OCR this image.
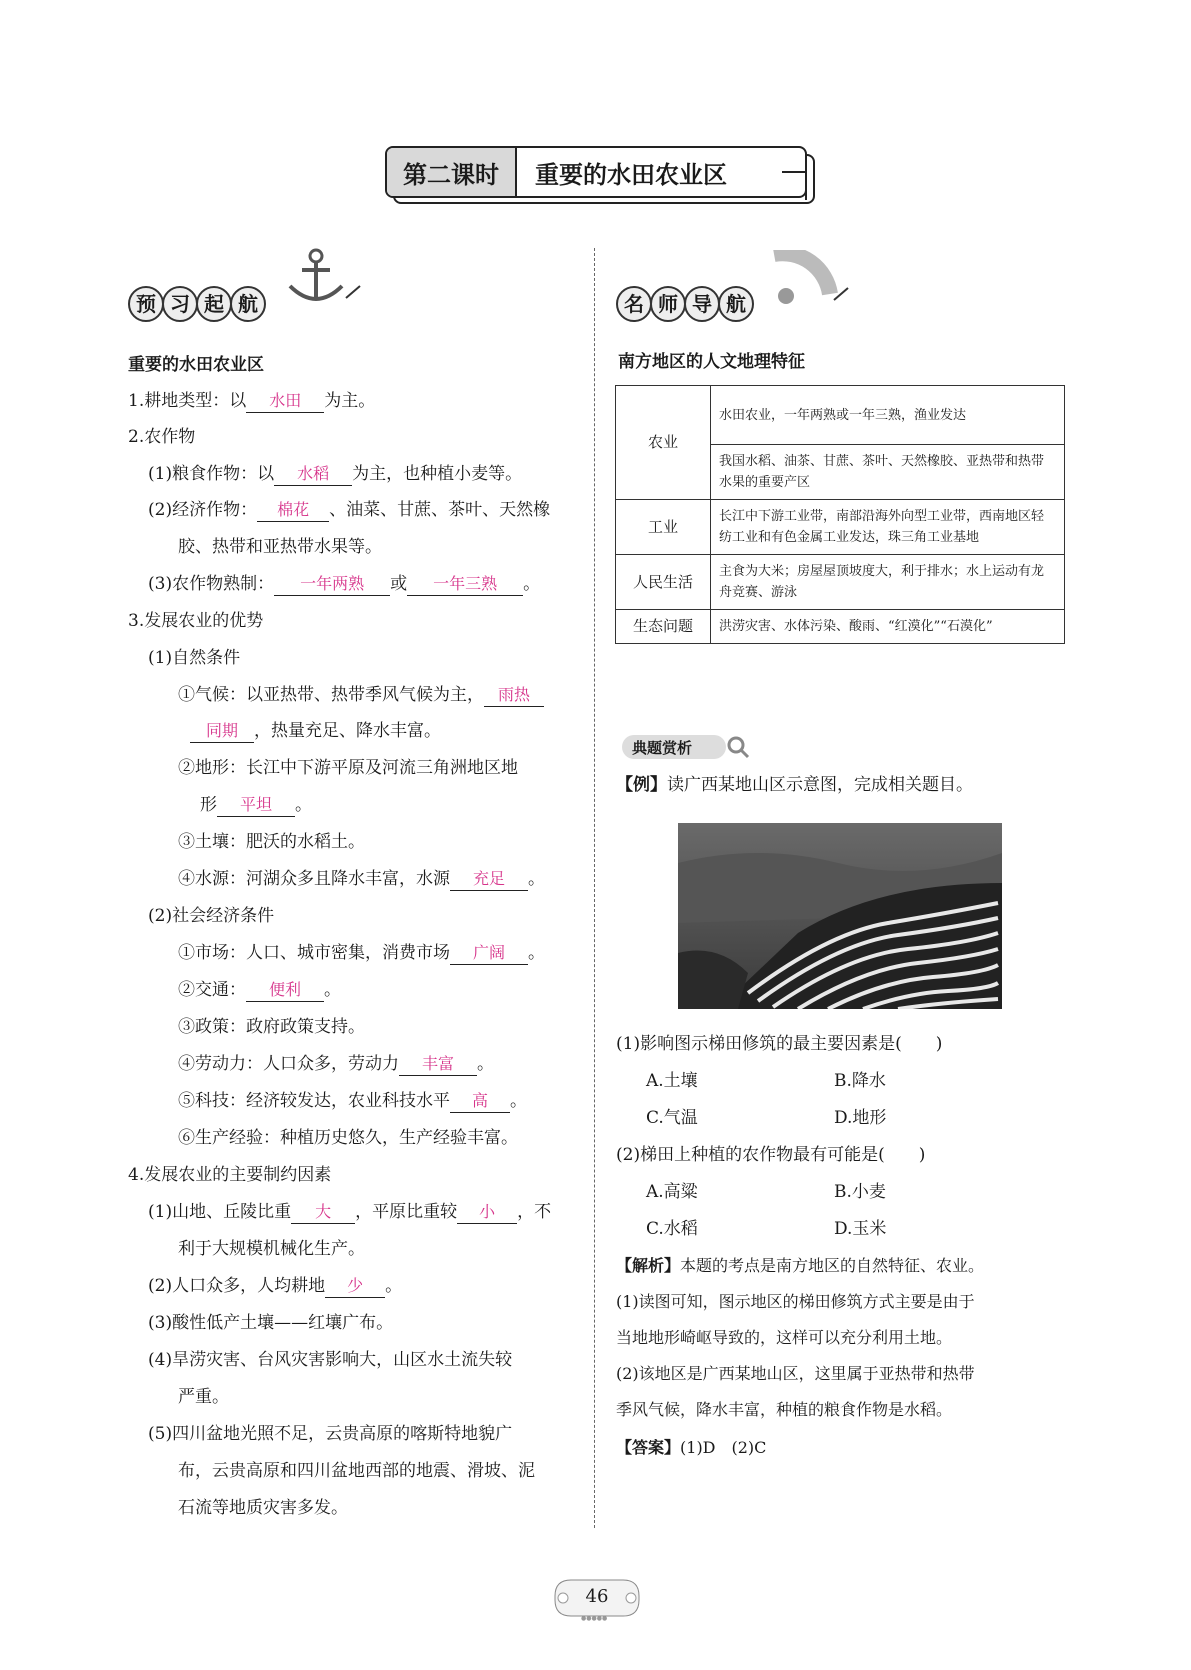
第二课时	重要的水田农业区
预 习 起 航	名 师 导 航
重要的水田农业区
1.耕地类型：以 水田 为主。
2.农作物
(1)粮食作物：以 水稻 为主，也种植小麦等。
(2)经济作物： 棉花 、油菜、甘蔗、茶叶、天然橡
胶、热带和亚热带水果等。
(3)农作物熟制： 一年两熟 或 一年三熟 。
3.发展农业的优势
(1)自然条件
①气候：以亚热带、热带季风气候为主， 雨热
同期 ，热量充足、降水丰富。
②地形：长江中下游平原及河流三角洲地区地
形 平坦 。
③土壤：肥沃的水稻土。
④水源：河湖众多且降水丰富，水源 充足 。
(2)社会经济条件
①市场：人口、城市密集，消费市场 广阔 。
②交通： 便利 。
③政策：政府政策支持。
④劳动力：人口众多，劳动力 丰富 。
⑤科技：经济较发达，农业科技水平 高 。
⑥生产经验：种植历史悠久，生产经验丰富。
4.发展农业的主要制约因素
(1)山地、丘陵比重 大 ，平原比重较 小 ，不
利于大规模机械化生产。
(2)人口众多，人均耕地 少 。
(3)酸性低产土壤——红壤广布。
(4)旱涝灾害、台风灾害影响大，山区水土流失较
严重。
(5)四川盆地光照不足，云贵高原的喀斯特地貌广
布，云贵高原和四川盆地西部的地震、滑坡、泥
石流等地质灾害多发。
南方地区的人文地理特征
农业	水田农业，一年两熟或一年三熟，渔业发达
	我国水稻、油茶、甘蔗、茶叶、天然橡胶、亚热带和热带水果的重要产区
工业	长江中下游工业带，南部沿海外向型工业带，西南地区轻纺工业和有色金属工业发达，珠三角工业基地
人民生活	主食为大米；房屋屋顶坡度大，利于排水；水上运动有龙舟竞赛、游泳
生态问题	洪涝灾害、水体污染、酸雨、“红漠化”“石漠化”
典题赏析
【例】读广西某地山区示意图，完成相关题目。
(1)影响图示梯田修筑的最主要因素是(　　)
A.土壤	B.降水
C.气温	D.地形
(2)梯田上种植的农作物最有可能是(　　)
A.高粱	B.小麦
C.水稻	D.玉米
【解析】本题的考点是南方地区的自然特征、农业。
(1)读图可知，图示地区的梯田修筑方式主要是由于
当地地形崎岖导致的，这样可以充分利用土地。
(2)该地区是广西某地山区，这里属于亚热带和热带
季风气候，降水丰富，种植的粮食作物是水稻。
【答案】(1)D　(2)C
●●●●●
46
